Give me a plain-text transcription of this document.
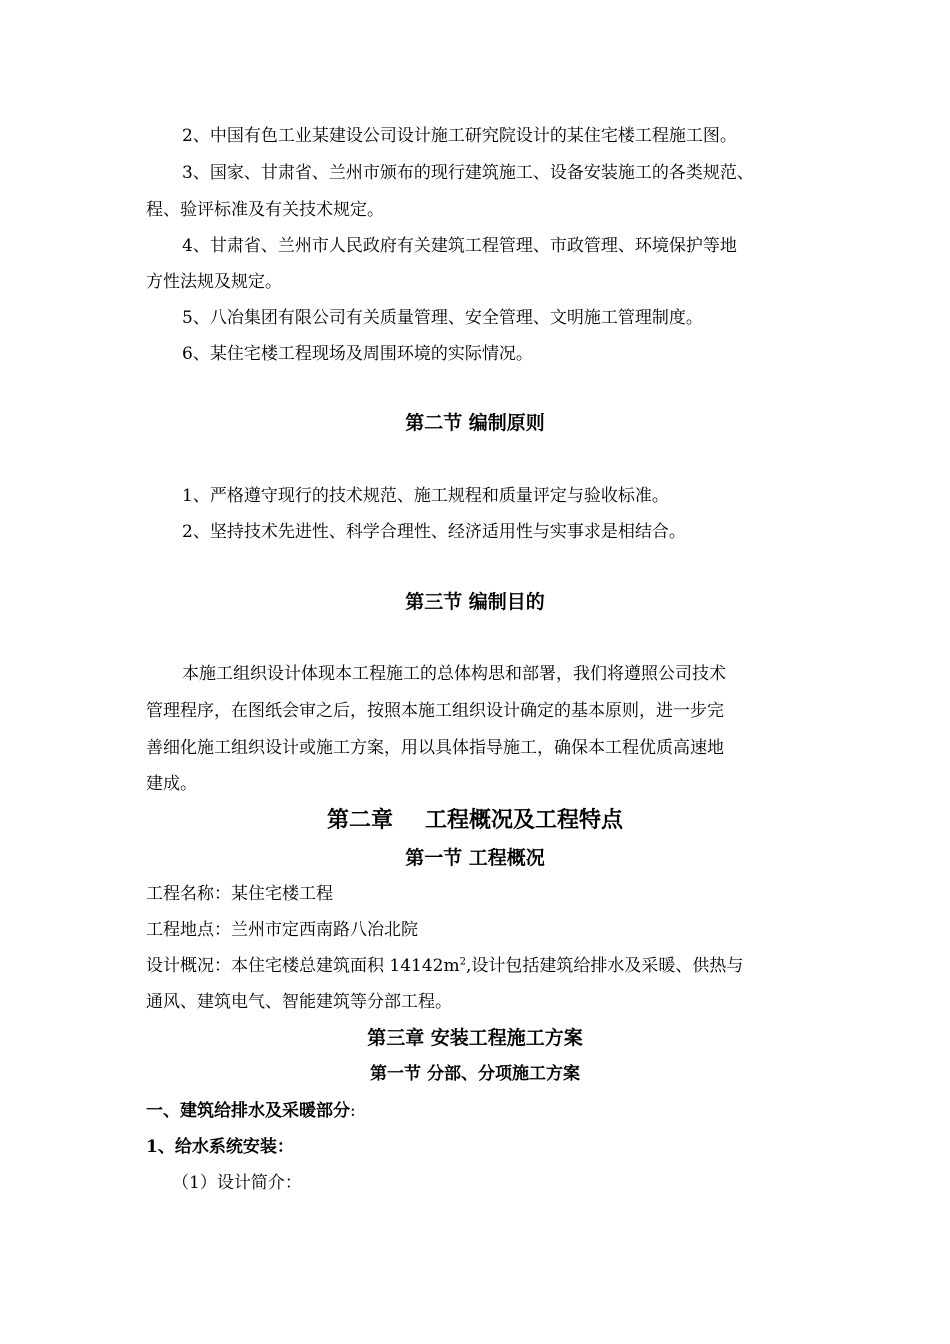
2、中国有色工业某建设公司设计施工研究院设计的某住宅楼工程施工图。
3、国家、甘肃省、兰州市颁布的现行建筑施工、设备安装施工的各类规范、
程、验评标准及有关技术规定。
4、甘肃省、兰州市人民政府有关建筑工程管理、市政管理、环境保护等地
方性法规及规定。
5、八冶集团有限公司有关质量管理、安全管理、文明施工管理制度。
6、某住宅楼工程现场及周围环境的实际情况。
第二节 编制原则
1、严格遵守现行的技术规范、施工规程和质量评定与验收标准。
2、坚持技术先进性、科学合理性、经济适用性与实事求是相结合。
第三节 编制目的
本施工组织设计体现本工程施工的总体构思和部署，我们将遵照公司技术
管理程序，在图纸会审之后，按照本施工组织设计确定的基本原则，进一步完
善细化施工组织设计或施工方案，用以具体指导施工，确保本工程优质高速地
建成。
第二章 工程概况及工程特点
第一节 工程概况
工程名称：某住宅楼工程
工程地点：兰州市定西南路八冶北院
设计概况：本住宅楼总建筑面积 $14142m^2$,设计包括建筑给排水及采暖、供热与
通风、建筑电气、智能建筑等分部工程。
第三章 安装工程施工方案
第一节 分部、分项施工方案
一、建筑给排水及采暖部分:
1、给水系统安装：
（1）设计简介：
